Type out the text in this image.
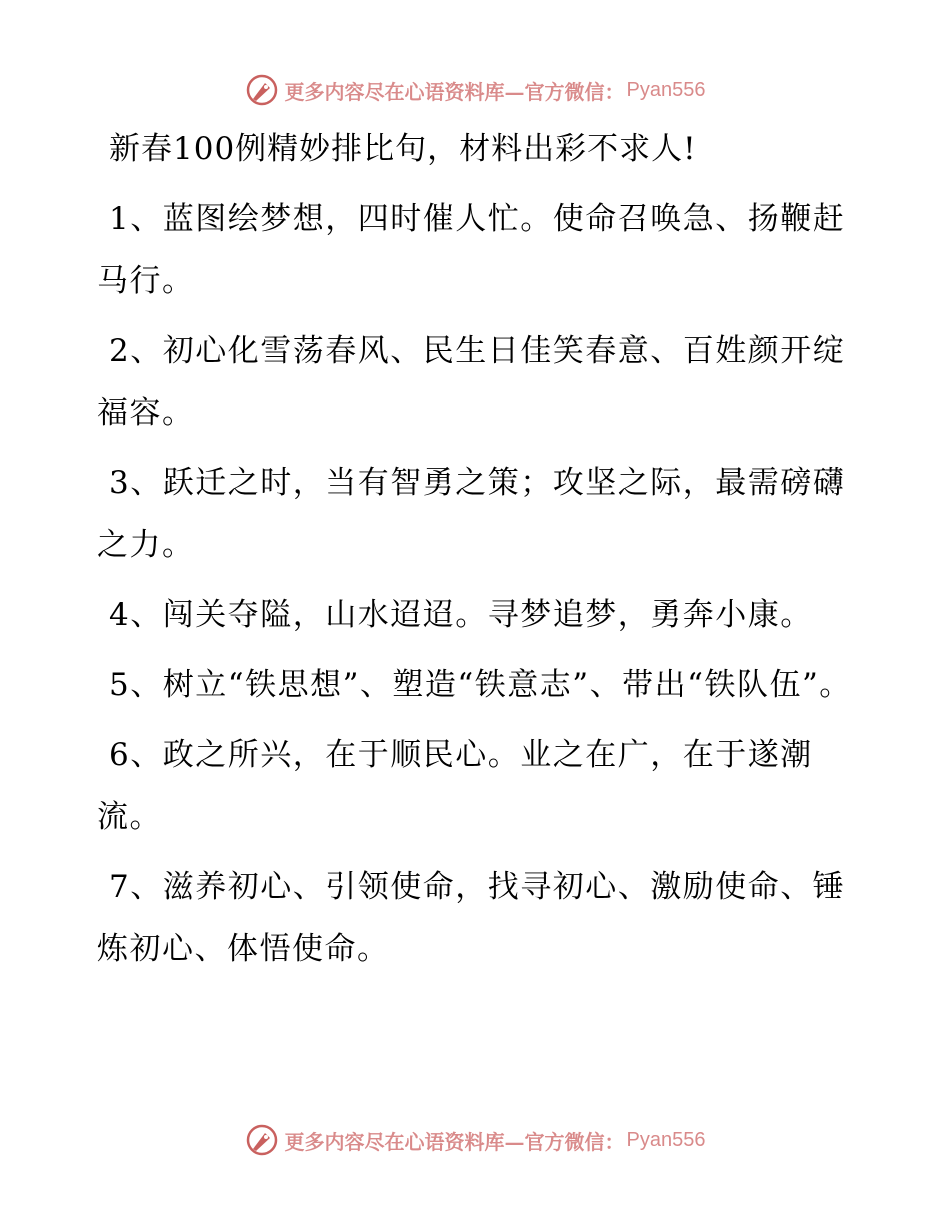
更多内容尽在心语资料库—官方微信： Pyan556
新春100例精妙排比句，材料出彩不求人!

1、蓝图绘梦想，四时催人忙。使命召唤急、扬鞭赶马行。

2、初心化雪荡春风、民生日佳笑春意、百姓颜开绽福容。

3、跃迁之时，当有智勇之策；攻坚之际，最需磅礴之力。

4、闯关夺隘，山水迢迢。寻梦追梦，勇奔小康。

5、树立“铁思想”、塑造“铁意志”、带出“铁队伍”。

6、政之所兴，在于顺民心。业之在广，在于遂潮流。

7、滋养初心、引领使命，找寻初心、激励使命、锤炼初心、体悟使命。

更多内容尽在心语资料库—官方微信： Pyan556
